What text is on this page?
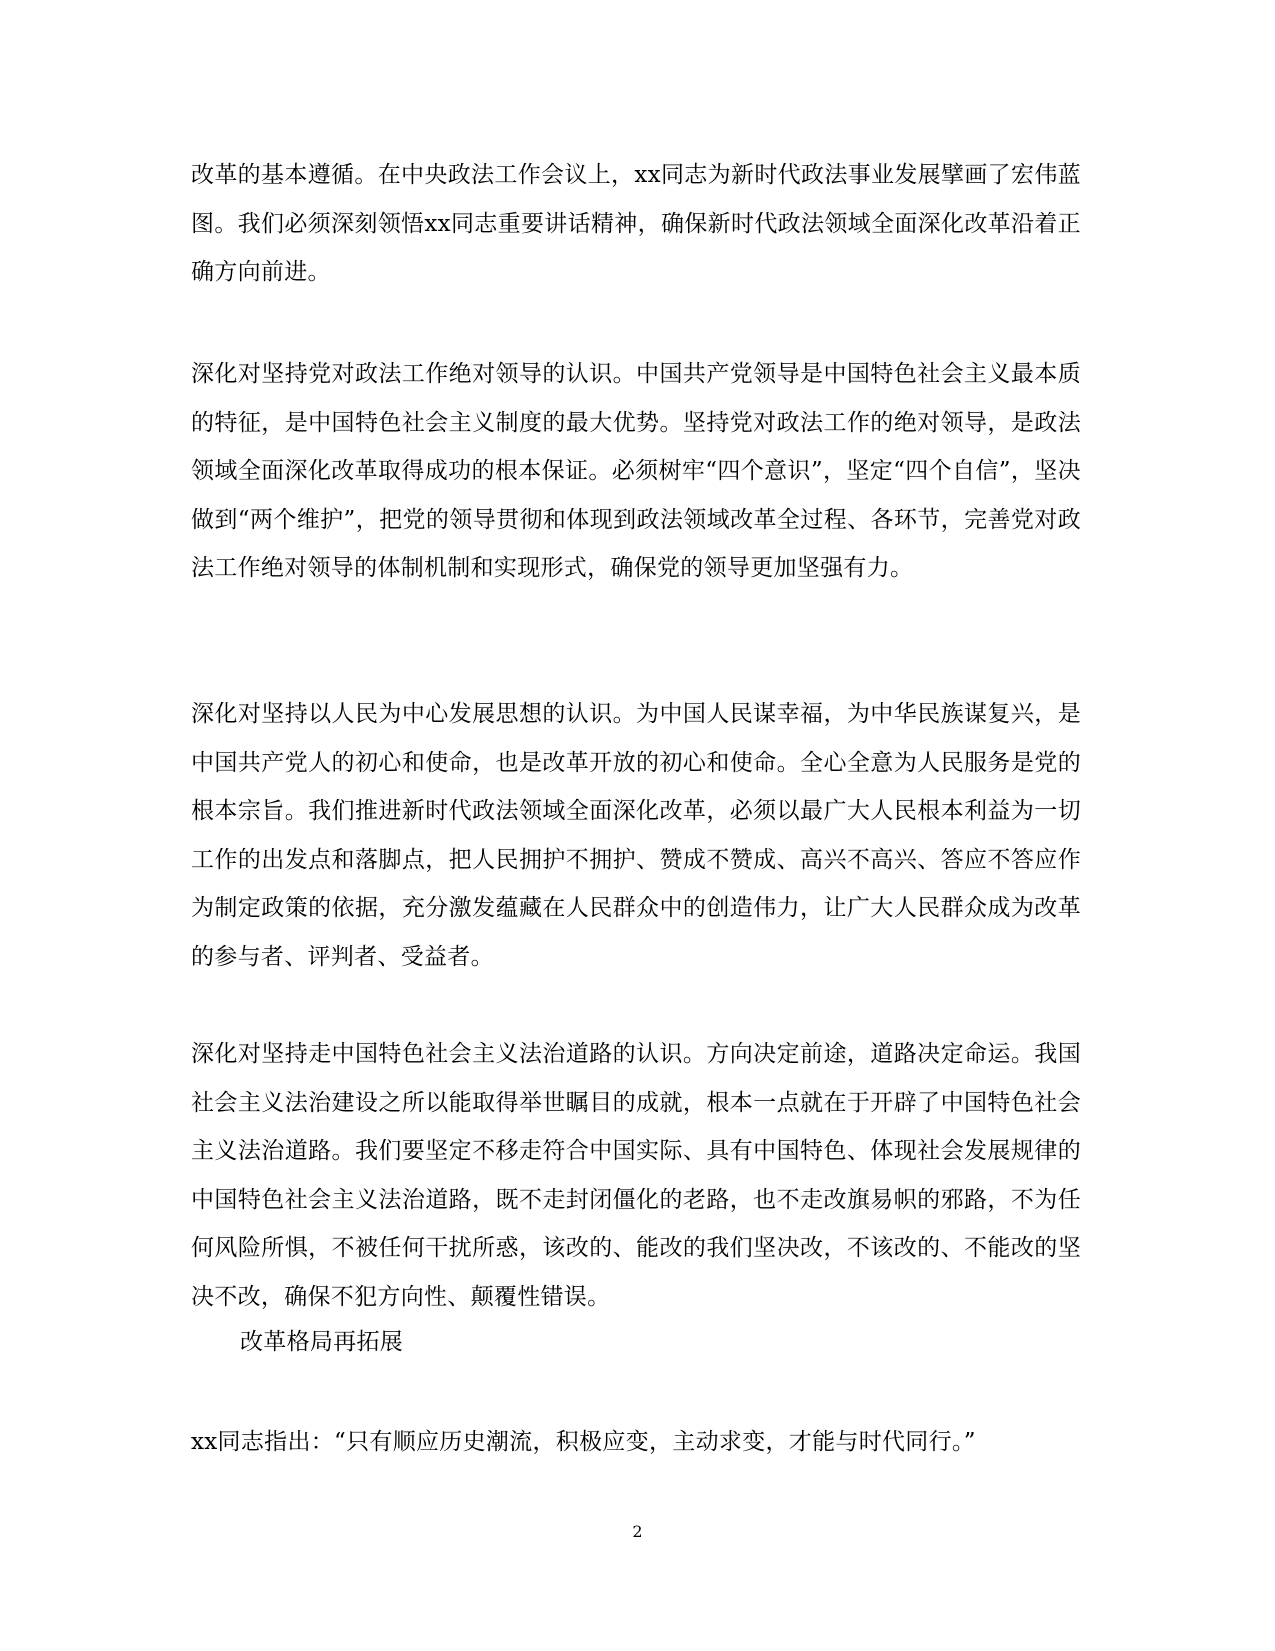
改革的基本遵循。在中央政法工作会议上，xx同志为新时代政法事业发展擘画了宏伟蓝图。我们必须深刻领悟xx同志重要讲话精神，确保新时代政法领域全面深化改革沿着正确方向前进。
深化对坚持党对政法工作绝对领导的认识。中国共产党领导是中国特色社会主义最本质的特征，是中国特色社会主义制度的最大优势。坚持党对政法工作的绝对领导，是政法领域全面深化改革取得成功的根本保证。必须树牢“四个意识”，坚定“四个自信”，坚决做到“两个维护”，把党的领导贯彻和体现到政法领域改革全过程、各环节，完善党对政法工作绝对领导的体制机制和实现形式，确保党的领导更加坚强有力。
深化对坚持以人民为中心发展思想的认识。为中国人民谋幸福，为中华民族谋复兴，是中国共产党人的初心和使命，也是改革开放的初心和使命。全心全意为人民服务是党的根本宗旨。我们推进新时代政法领域全面深化改革，必须以最广大人民根本利益为一切工作的出发点和落脚点，把人民拥护不拥护、赞成不赞成、高兴不高兴、答应不答应作为制定政策的依据，充分激发蕴藏在人民群众中的创造伟力，让广大人民群众成为改革的参与者、评判者、受益者。
深化对坚持走中国特色社会主义法治道路的认识。方向决定前途，道路决定命运。我国社会主义法治建设之所以能取得举世瞩目的成就，根本一点就在于开辟了中国特色社会主义法治道路。我们要坚定不移走符合中国实际、具有中国特色、体现社会发展规律的中国特色社会主义法治道路，既不走封闭僵化的老路，也不走改旗易帜的邪路，不为任何风险所惧，不被任何干扰所惑，该改的、能改的我们坚决改，不该改的、不能改的坚决不改，确保不犯方向性、颠覆性错误。
改革格局再拓展
xx同志指出：“只有顺应历史潮流，积极应变，主动求变，才能与时代同行。”
2
